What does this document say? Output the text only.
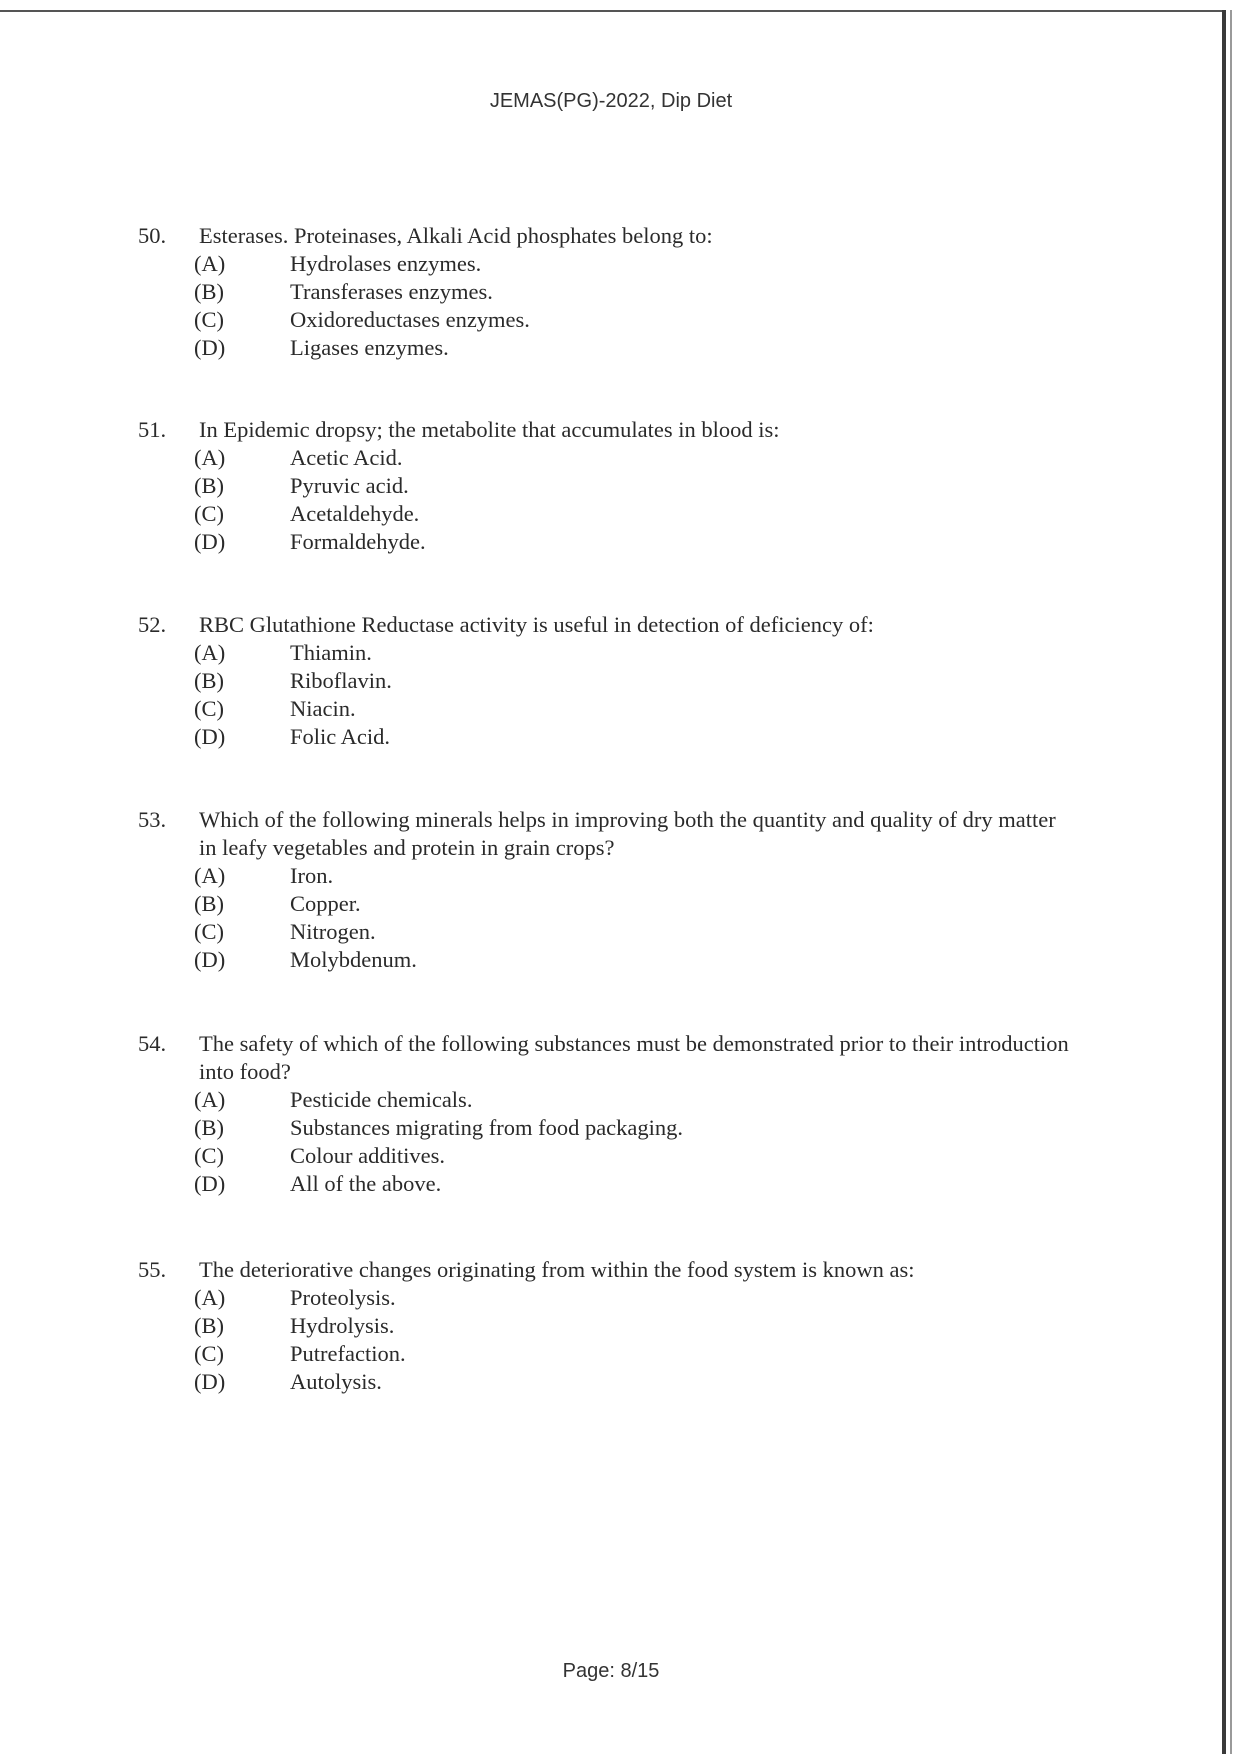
JEMAS(PG)-2022, Dip Diet
50. Esterases. Proteinases, Alkali Acid phosphates belong to:
(A)	Hydrolases enzymes.
(B)	Transferases enzymes.
(C)	Oxidoreductases enzymes.
(D)	Ligases enzymes.
51. In Epidemic dropsy; the metabolite that accumulates in blood is:
(A)	Acetic Acid.
(B)	Pyruvic acid.
(C)	Acetaldehyde.
(D)	Formaldehyde.
52. RBC Glutathione Reductase activity is useful in detection of deficiency of:
(A)	Thiamin.
(B)	Riboflavin.
(C)	Niacin.
(D)	Folic Acid.
53. Which of the following minerals helps in improving both the quantity and quality of dry matter in leafy vegetables and protein in grain crops?
(A)	Iron.
(B)	Copper.
(C)	Nitrogen.
(D)	Molybdenum.
54. The safety of which of the following substances must be demonstrated prior to their introduction into food?
(A)	Pesticide chemicals.
(B)	Substances migrating from food packaging.
(C)	Colour additives.
(D)	All of the above.
55. The deteriorative changes originating from within the food system is known as:
(A)	Proteolysis.
(B)	Hydrolysis.
(C)	Putrefaction.
(D)	Autolysis.
Page: 8/15
